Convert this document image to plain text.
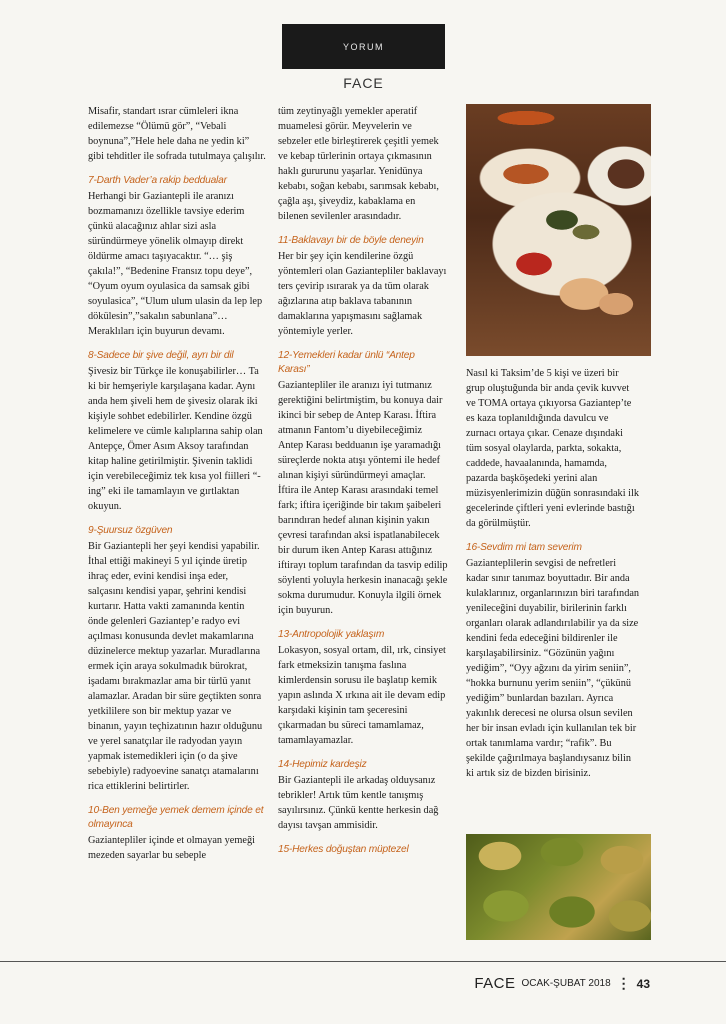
YORUM
FACE

Misafir, standart ısrar cümleleri ikna edilemezse “Ölümü gör”, “Vebali boynuna”,”Hele hele daha ne yedin ki” gibi tehditler ile sofrada tutulmaya çalışılır.

7-Darth Vader’a rakip beddualar

Herhangi bir Gaziantepli ile aranızı bozmamanızı özellikle tavsiye ederim çünkü alacağınız ahlar sizi asla süründürmeye yönelik olmayıp direkt öldürme amacı taşıyacaktır. “… şiş çakıla!”, “Bedenine Fransız topu deye”, “Oyum oyum oyulasica da samsak gibi soyulasica”, “Ulum ulum ulasin da lep lep dökülesin”,”sakalın sabunlana”… Meraklıları için buyurun devamı.

8-Sadece bir şive değil, ayrı bir dil

Şivesiz bir Türkçe ile konuşabilirler… Ta ki bir hemşeriyle karşılaşana kadar. Aynı anda hem şiveli hem de şivesiz olarak iki kişiyle sohbet edebilirler. Kendine özgü kelimelere ve cümle kalıplarına sahip olan Antepçe, Ömer Asım Aksoy tarafından kitap haline getirilmiştir. Şivenin taklidi için verebileceğimiz tek kısa yol fiilleri “-ing” eki ile tamamlayın ve gırtlaktan okuyun.

9-Şuursuz özgüven

Bir Gaziantepli her şeyi kendisi yapabilir. İthal ettiği makineyi 5 yıl içinde üretip ihraç eder, evini kendisi inşa eder, salçasını kendisi yapar, şehrini kendisi kurtarır. Hatta vakti zamanında kentin önde gelenleri Gaziantep’e radyo evi açılması konusunda devlet makamlarına düzinelerce mektup yazarlar. Muradlarına ermek için araya sokulmadık bürokrat, işadamı bırakmazlar ama bir türlü yanıt alamazlar. Aradan bir süre geçtikten sonra yetkililere son bir mektup yazar ve binanın, yayın teçhizatının hazır olduğunu ve yerel sanatçılar ile radyodan yayın yapmak istemedikleri için (o da şive sebebiyle) radyoevine sanatçı atamalarını rica ettiklerini belirtirler.

10-Ben yemeğe yemek demem içinde et olmayınca

Gaziantepliler içinde et olmayan yemeği mezeden sayarlar bu sebeple

tüm zeytinyağlı yemekler aperatif muamelesi görür. Meyvelerin ve sebzeler etle birleştirerek çeşitli yemek ve kebap türlerinin ortaya çıkmasının haklı gururunu yaşarlar. Yenidünya kebabı, soğan kebabı, sarımsak kebabı, çağla aşı, şiveydiz, kabaklama en bilenen sevilenler arasındadır.

11-Baklavayı bir de böyle deneyin

Her bir şey için kendilerine özgü yöntemleri olan Gaziantepliler baklavayı ters çevirip ısırarak ya da tüm olarak ağızlarına atıp baklava tabanının damaklarına yapışmasını sağlamak yöntemiyle yerler.

12-Yemekleri kadar ünlü “Antep Karası”

Gaziantepliler ile aranızı iyi tutmanız gerektiğini belirtmiştim, bu konuya dair ikinci bir sebep de Antep Karası. İftira atmanın Fantom’u diyebileceğimiz Antep Karası bedduanın işe yaramadığı süreçlerde nokta atışı yöntemi ile hedef alınan kişiyi süründürmeyi amaçlar. İftira ile Antep Karası arasındaki temel fark; iftira içeriğinde bir takım şaibeleri barındıran hedef alınan kişinin yakın çevresi tarafından aksi ispatlanabilecek bir durum iken Antep Karası attığınız iftirayı toplum tarafından da tasvip edilip söylenti yoluyla herkesin inanacağı şekle sokma durumudur. Konuyla ilgili örnek için buyurun.

13-Antropolojik yaklaşım

Lokasyon, sosyal ortam, dil, ırk, cinsiyet fark etmeksizin tanışma faslına kimlerdensin sorusu ile başlatıp kemik yapın aslında X ırkına ait ile devam edip karşıdaki kişinin tam şeceresini çıkarmadan bu süreci tamamlamaz, tamamlayamazlar.

14-Hepimiz kardeşiz

Bir Gaziantepli ile arkadaş olduysanız tebrikler! Artık tüm kentle tanışmış sayılırsınız. Çünkü kentte herkesin dağ dayısı tavşan ammisidir.

15-Herkes doğuştan müptezel

Nasıl ki Taksim’de 5 kişi ve üzeri bir grup oluştuğunda bir anda çevik kuvvet ve TOMA ortaya çıkıyorsa Gaziantep’te es kaza toplanıldığında davulcu ve zurnacı ortaya çıkar. Cenaze dışındaki tüm sosyal olaylarda, parkta, sokakta, caddede, havaalanında, hamamda, pazarda başköşedeki yerini alan müzisyenlerimizin düğün sonrasındaki ilk gecelerinde çiftleri yeni evlerinde bastığı da görülmüştür.

16-Sevdim mi tam severim

Gazianteplilerin sevgisi de nefretleri kadar sınır tanımaz boyuttadır. Bir anda kulaklarınız, organlarınızın biri tarafından yenileceğini duyabilir, birilerinin farklı organları olarak adlandırılabilir ya da size kendini feda edeceğini bildirenler ile karşılaşabilirsiniz. “Gözünün yağını yediğim”, “Oyy ağzını da yirim seniin”, “hokka burnunu yerim seniin”, “çükünü yediğim” bunlardan bazıları. Ayrıca yakınlık derecesi ne olursa olsun sevilen her bir insan evladı için kullanılan tek bir ortak tanımlama vardır; “rafik”. Bu şekilde çağırılmaya başlandıysanız bilin ki artık siz de bizden birisiniz.

FACE OCAK-ŞUBAT 2018 ⋮ 43
